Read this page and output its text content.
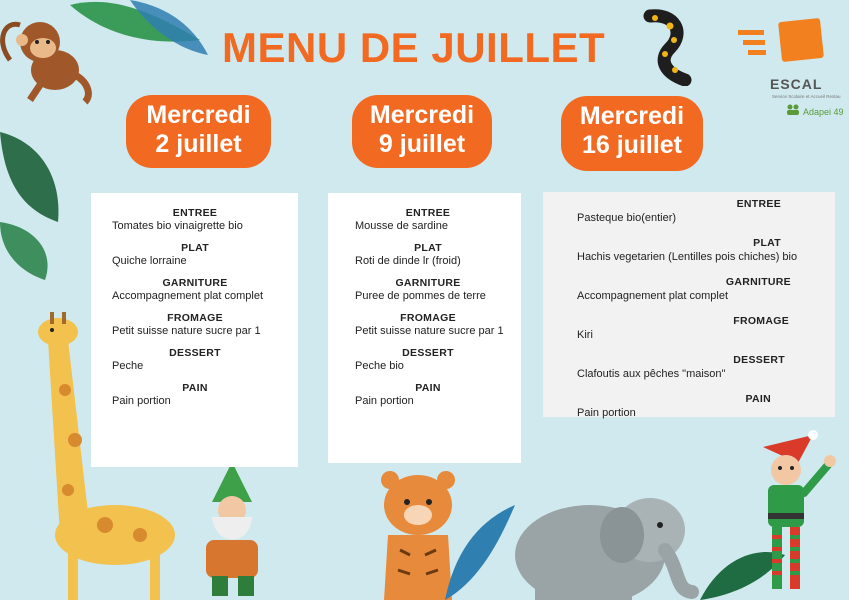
ESCAL
Service Scolaire et Accueil Restau
Adapei 49
MENU DE JUILLET
Mercredi
2 juillet
Mercredi
9 juillet
Mercredi
16 juillet
ENTREE
Tomates bio vinaigrette bio
PLAT
Quiche lorraine
GARNITURE
Accompagnement plat complet
FROMAGE
Petit suisse nature sucre par 1
DESSERT
Peche
PAIN
Pain portion
ENTREE
Mousse de sardine
PLAT
Roti de dinde lr (froid)
GARNITURE
Puree de pommes de terre
FROMAGE
Petit suisse nature sucre par 1
DESSERT
Peche bio
PAIN
Pain portion
ENTREE
Pasteque bio(entier)
PLAT
Hachis vegetarien (Lentilles pois chiches) bio
GARNITURE
Accompagnement plat complet
FROMAGE
Kiri
DESSERT
Clafoutis aux pêches "maison"
PAIN
Pain portion
